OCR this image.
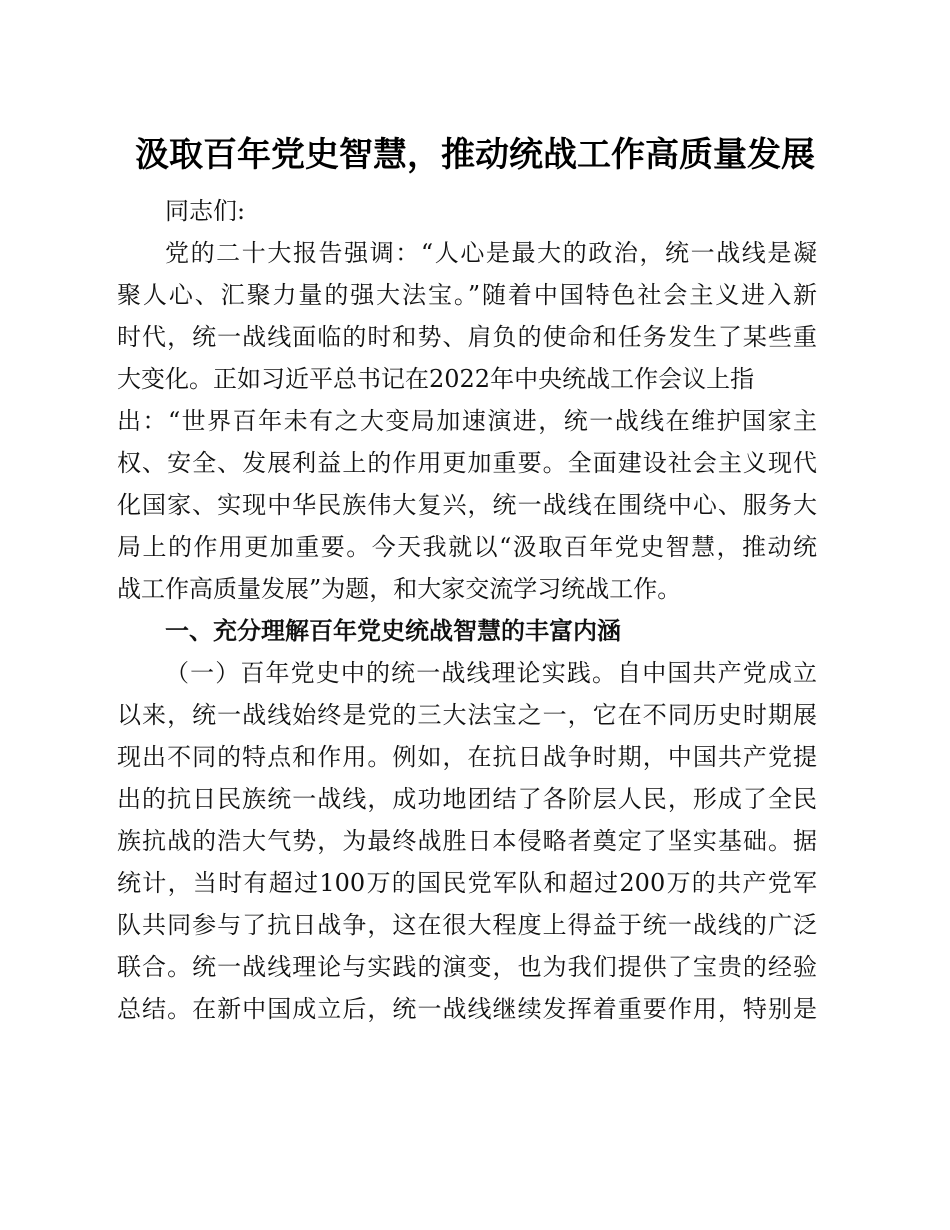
汲取百年党史智慧，推动统战工作高质量发展
同志们:
党的二十大报告强调：“人心是最大的政治，统一战线是凝
聚人心、汇聚力量的强大法宝。”随着中国特色社会主义进入新
时代，统一战线面临的时和势、肩负的使命和任务发生了某些重
大变化。正如习近平总书记在2022年中央统战工作会议上指
出：“世界百年未有之大变局加速演进，统一战线在维护国家主
权、安全、发展利益上的作用更加重要。全面建设社会主义现代
化国家、实现中华民族伟大复兴，统一战线在围绕中心、服务大
局上的作用更加重要。今天我就以“汲取百年党史智慧，推动统
战工作高质量发展”为题，和大家交流学习统战工作。
一、充分理解百年党史统战智慧的丰富内涵
（一）百年党史中的统一战线理论实践。自中国共产党成立
以来，统一战线始终是党的三大法宝之一，它在不同历史时期展
现出不同的特点和作用。例如，在抗日战争时期，中国共产党提
出的抗日民族统一战线，成功地团结了各阶层人民，形成了全民
族抗战的浩大气势，为最终战胜日本侵略者奠定了坚实基础。据
统计，当时有超过100万的国民党军队和超过200万的共产党军
队共同参与了抗日战争，这在很大程度上得益于统一战线的广泛
联合。统一战线理论与实践的演变，也为我们提供了宝贵的经验
总结。在新中国成立后，统一战线继续发挥着重要作用，特别是
